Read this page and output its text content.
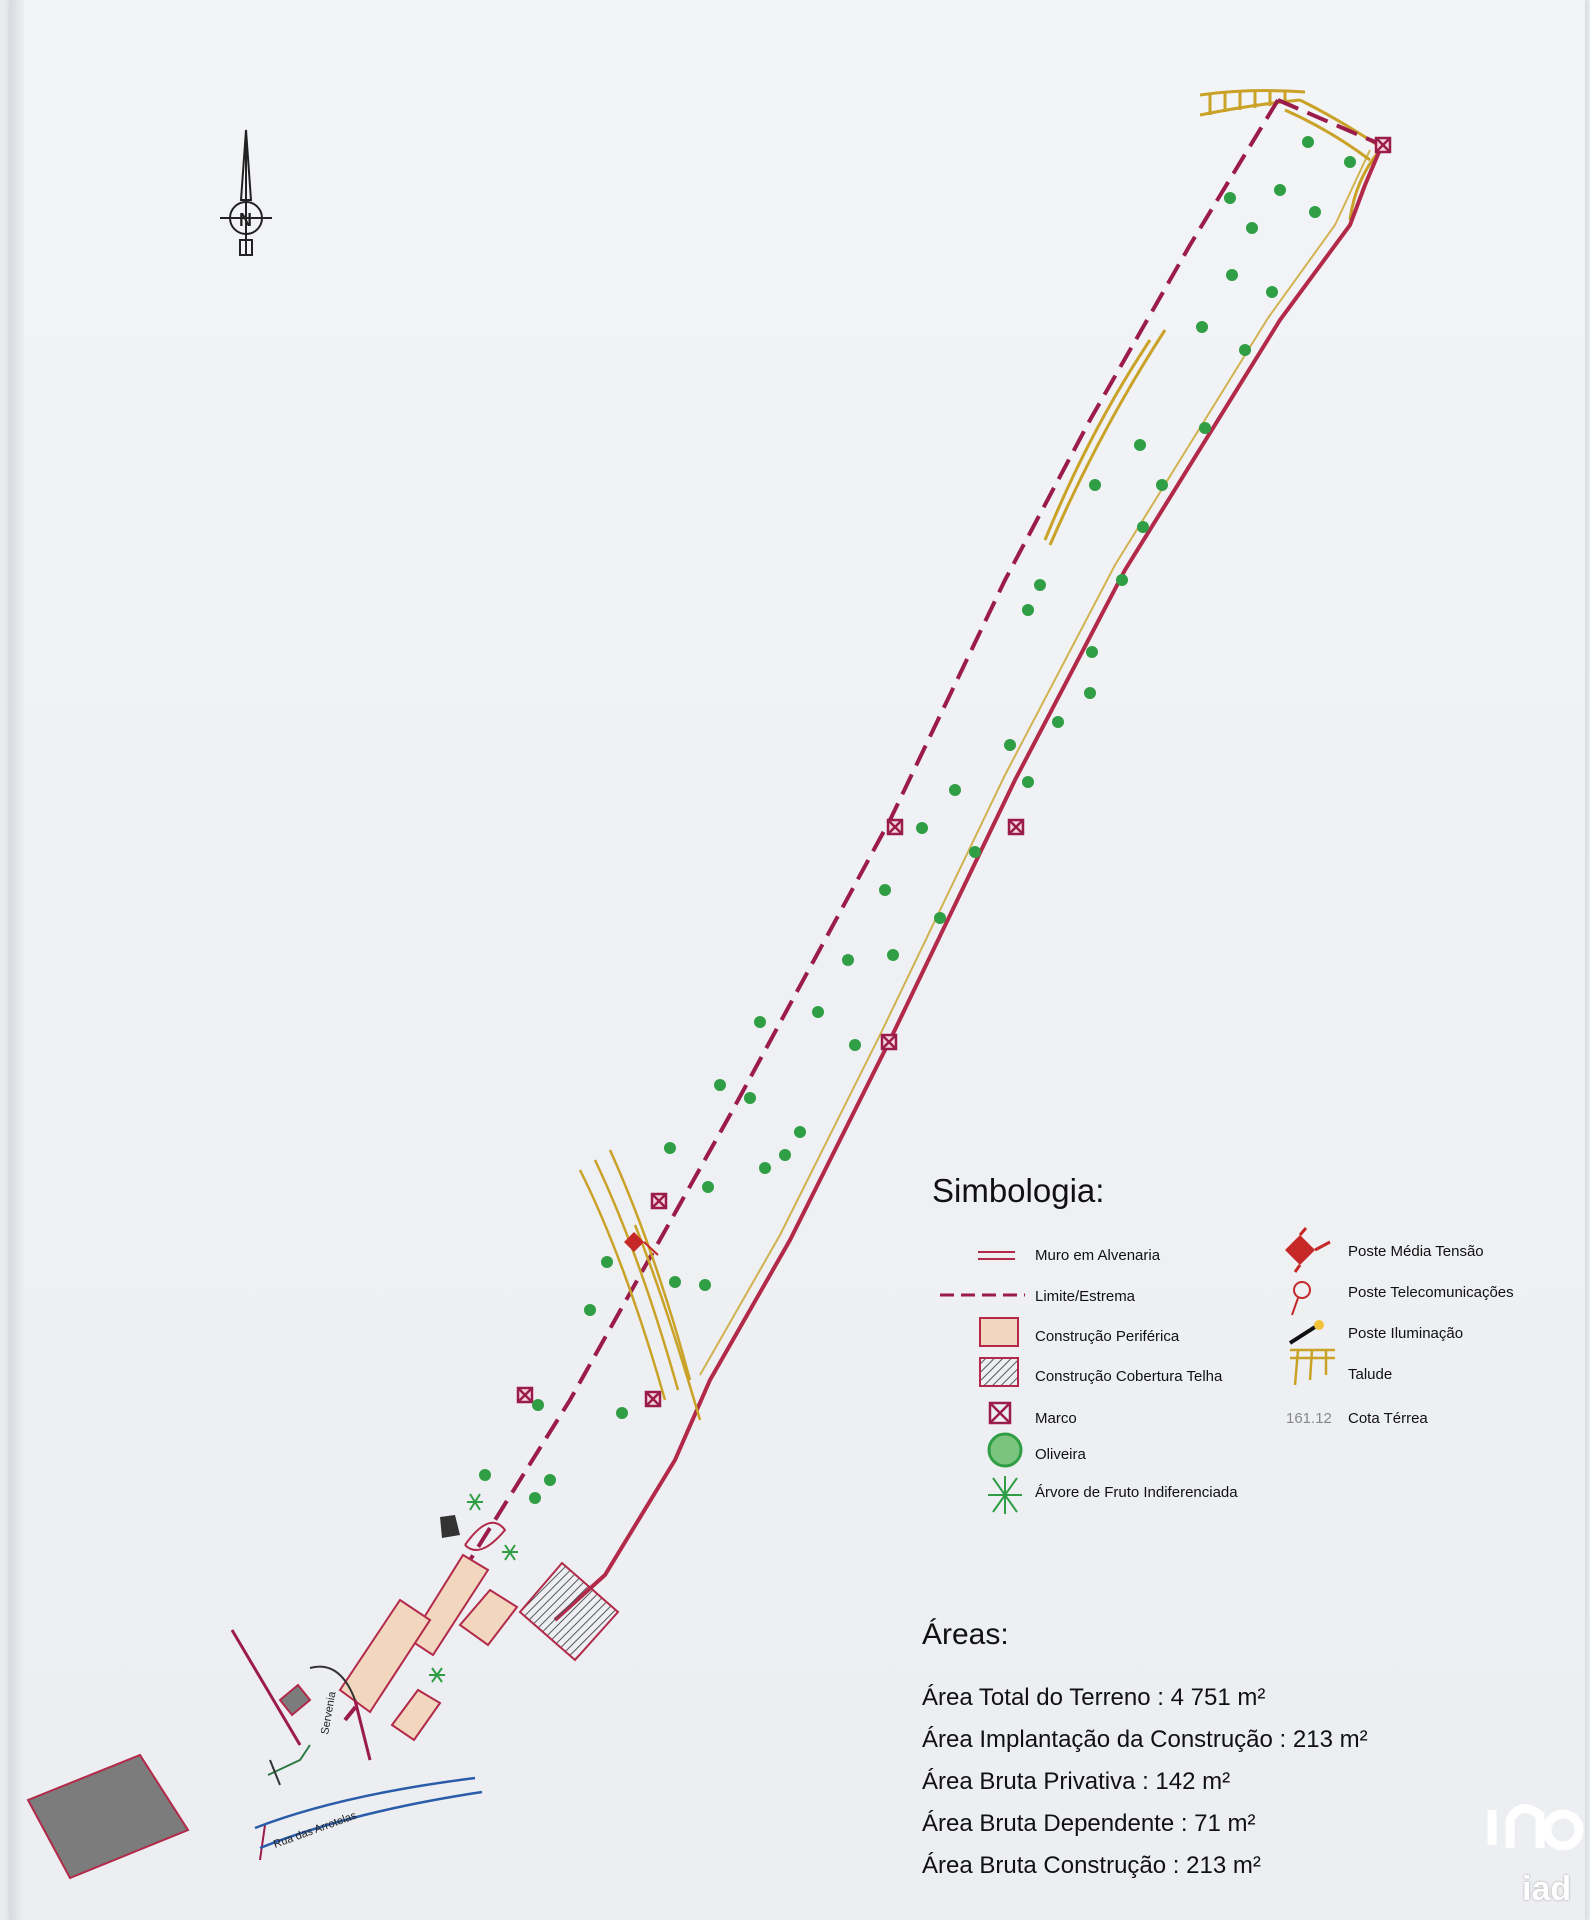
N
Servenia
Rua das Arrotelas
Simbologia:
Muro em Alvenaria
Limite/Estrema
Construção Periférica
Construção Cobertura Telha
Marco
Oliveira
Árvore de Fruto Indiferenciada
Poste Média Tensão
Poste Telecomunicações
Poste Iluminação
Talude
161.12 Cota Térrea
Áreas:
Área Total do Terreno : 4 751 m²
Área Implantação da Construção : 213 m²
Área Bruta Privativa : 142 m²
Área Bruta Dependente : 71 m²
Área Bruta Construção : 213 m²
iad
